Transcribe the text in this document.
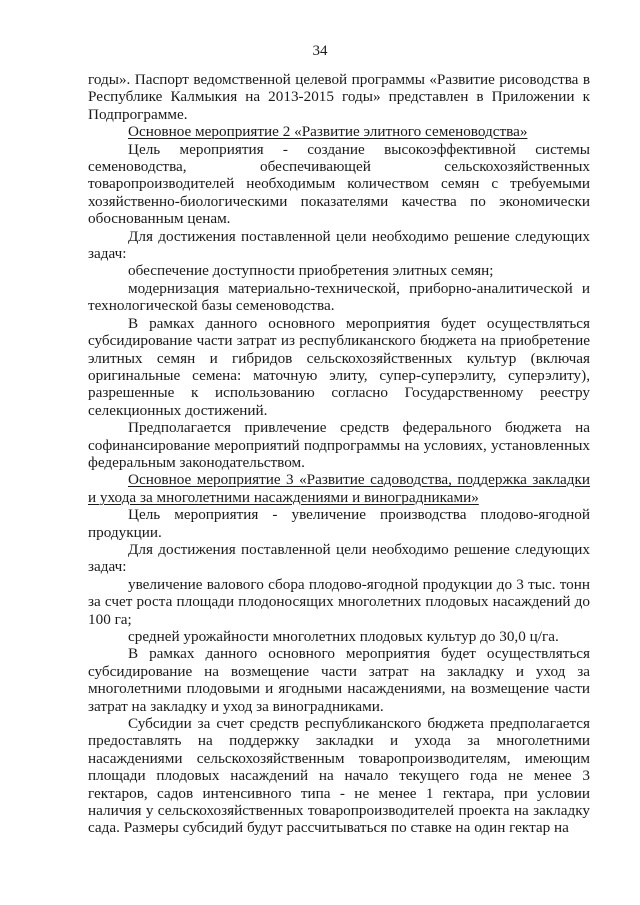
34

годы». Паспорт ведомственной целевой программы «Развитие рисоводства в Республике Калмыкия на 2013-2015 годы» представлен в Приложении к Подпрограмме.

Основное мероприятие 2 «Развитие элитного семеноводства»

Цель мероприятия - создание высокоэффективной системы семеноводства, обеспечивающей сельскохозяйственных товаропроизводителей необходимым количеством семян с требуемыми хозяйственно-биологическими показателями качества по экономически обоснованным ценам.

Для достижения поставленной цели необходимо решение следующих задач:

обеспечение доступности приобретения элитных семян;

модернизация материально-технической, приборно-аналитической и технологической базы семеноводства.

В рамках данного основного мероприятия будет осуществляться субсидирование части затрат из республиканского бюджета на приобретение элитных семян и гибридов сельскохозяйственных культур (включая оригинальные семена: маточную элиту, супер-суперэлиту, суперэлиту), разрешенные к использованию согласно Государственному реестру селекционных достижений.

Предполагается привлечение средств федерального бюджета на софинансирование мероприятий подпрограммы на условиях, установленных федеральным законодательством.

Основное мероприятие 3 «Развитие садоводства, поддержка закладки и ухода за многолетними насаждениями и виноградниками»

Цель мероприятия - увеличение производства плодово-ягодной продукции.

Для достижения поставленной цели необходимо решение следующих задач:

увеличение валового сбора плодово-ягодной продукции до 3 тыс. тонн за счет роста площади плодоносящих многолетних плодовых насаждений до 100 га;

средней урожайности многолетних плодовых культур до 30,0 ц/га.

В рамках данного основного мероприятия будет осуществляться субсидирование на возмещение части затрат на закладку и уход за многолетними плодовыми и ягодными насаждениями, на возмещение части затрат на закладку и уход за виноградниками.

Субсидии за счет средств республиканского бюджета предполагается предоставлять на поддержку закладки и ухода за многолетними насаждениями сельскохозяйственным товаропроизводителям, имеющим площади плодовых насаждений на начало текущего года не менее 3 гектаров, садов интенсивного типа - не менее 1 гектара, при условии наличия у сельскохозяйственных товаропроизводителей проекта на закладку сада. Размеры субсидий будут рассчитываться по ставке на один гектар на
